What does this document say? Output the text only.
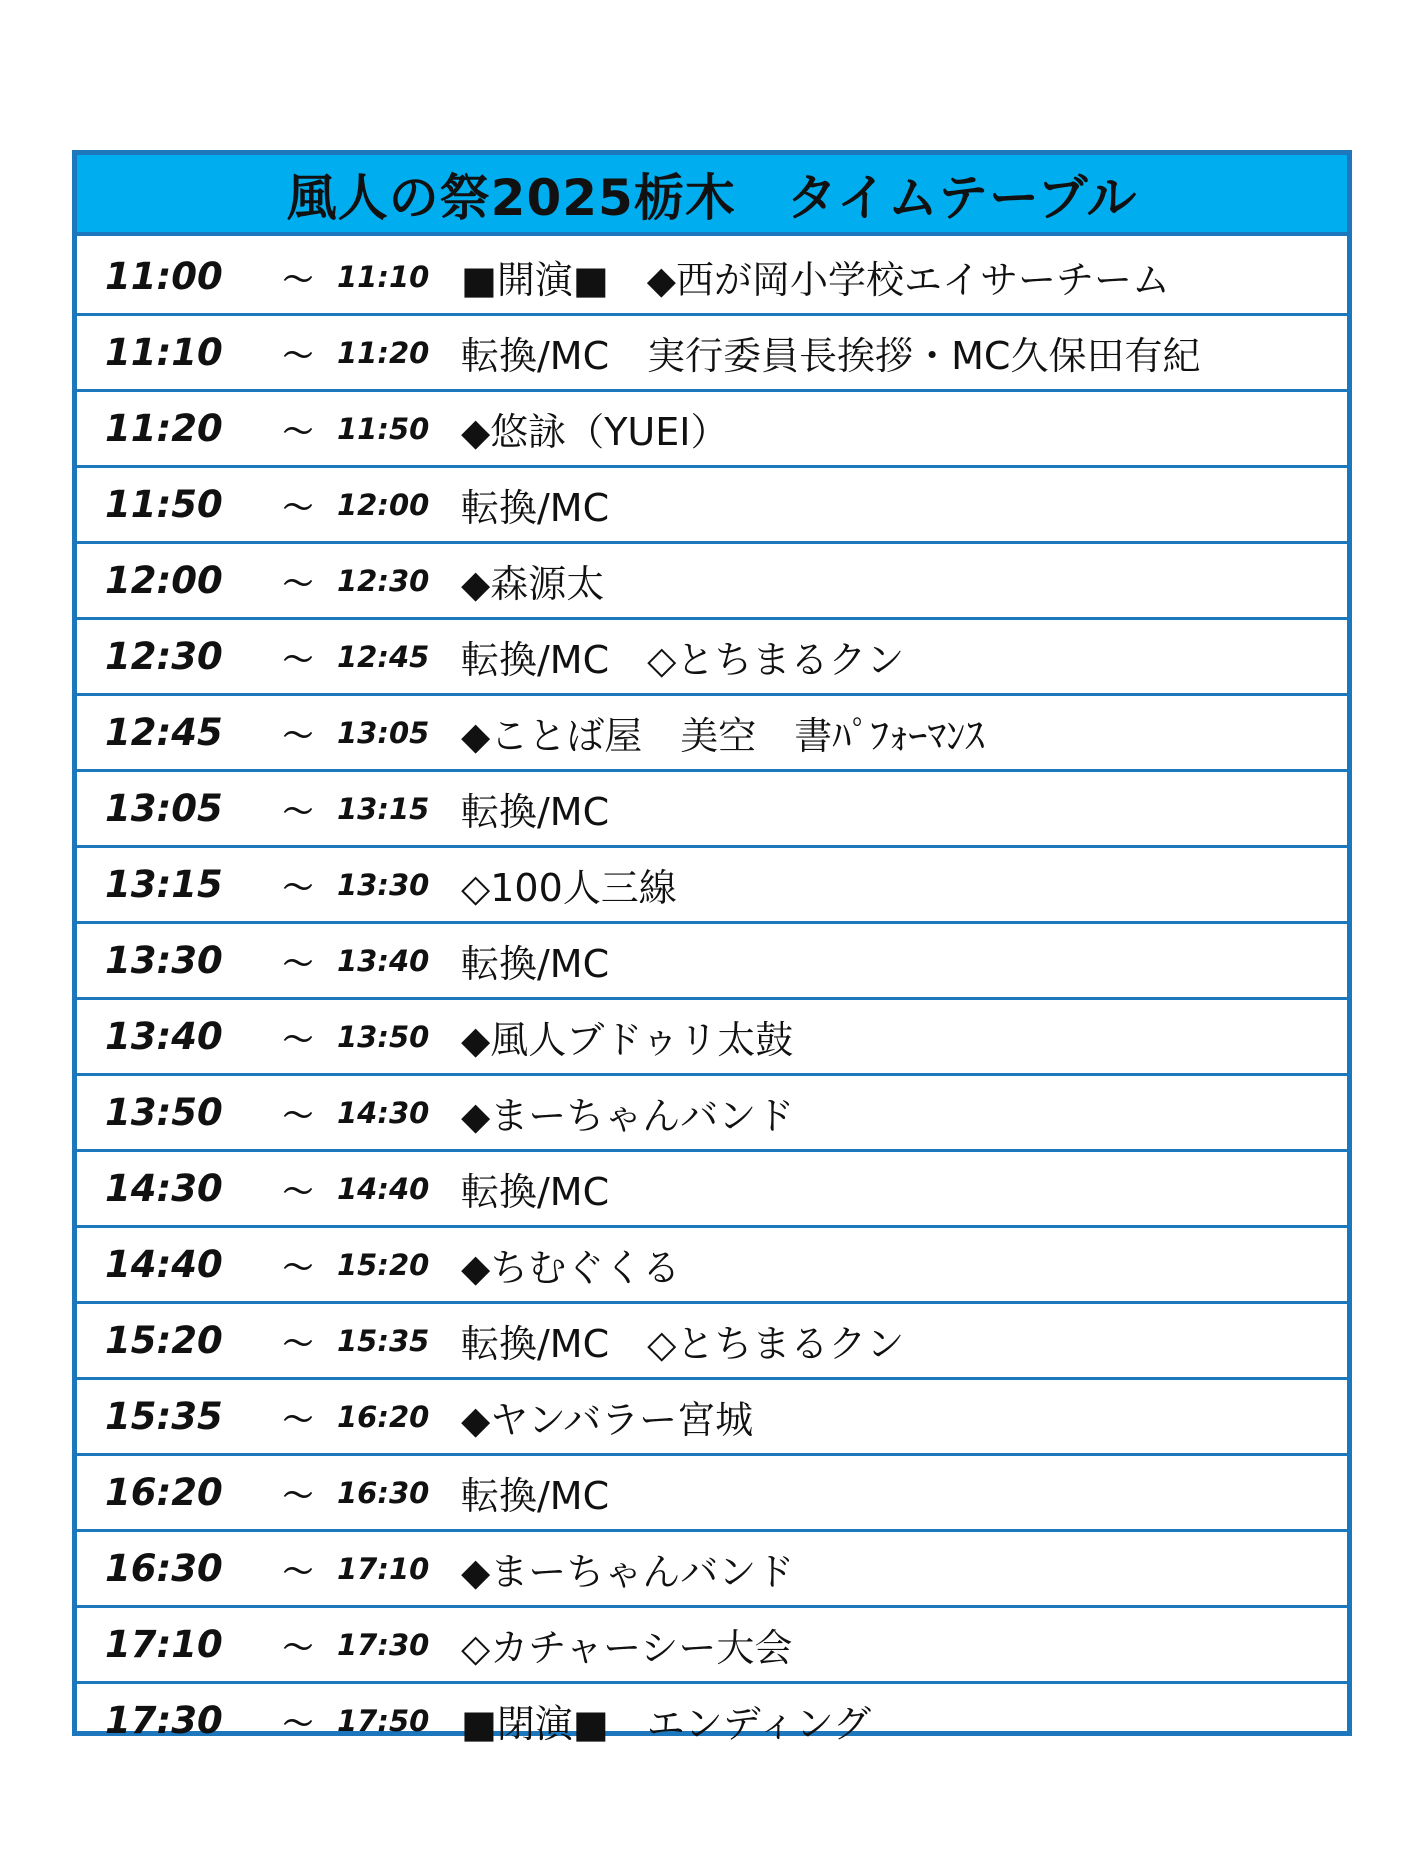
風人の祭2025栃木　タイムテーブル
11:00	～ 11:10 ■開演■　◆西が岡小学校エイサーチーム
11:10	～ 11:20 転換/MC　実行委員長挨拶・MC久保田有紀
11:20	～ 11:50 ◆悠詠（YUEI）
11:50	～ 12:00 転換/MC
12:00	～ 12:30 ◆森源太
12:30	～ 12:45 転換/MC　◇とちまるクン
12:45	～ 13:05 ◆ことば屋　美空　書ﾊﾟﾌｫｰﾏﾝｽ
13:05	～ 13:15 転換/MC
13:15	～ 13:30 ◇100人三線
13:30	～ 13:40 転換/MC
13:40	～ 13:50 ◆風人ブドゥリ太鼓
13:50	～ 14:30 ◆まーちゃんバンド
14:30	～ 14:40 転換/MC
14:40	～ 15:20 ◆ちむぐくる
15:20	～ 15:35 転換/MC　◇とちまるクン
15:35	～ 16:20 ◆ヤンバラー宮城
16:20	～ 16:30 転換/MC
16:30	～ 17:10 ◆まーちゃんバンド
17:10	～ 17:30 ◇カチャーシー大会
17:30	～ 17:50 ■閉演■　エンディング
